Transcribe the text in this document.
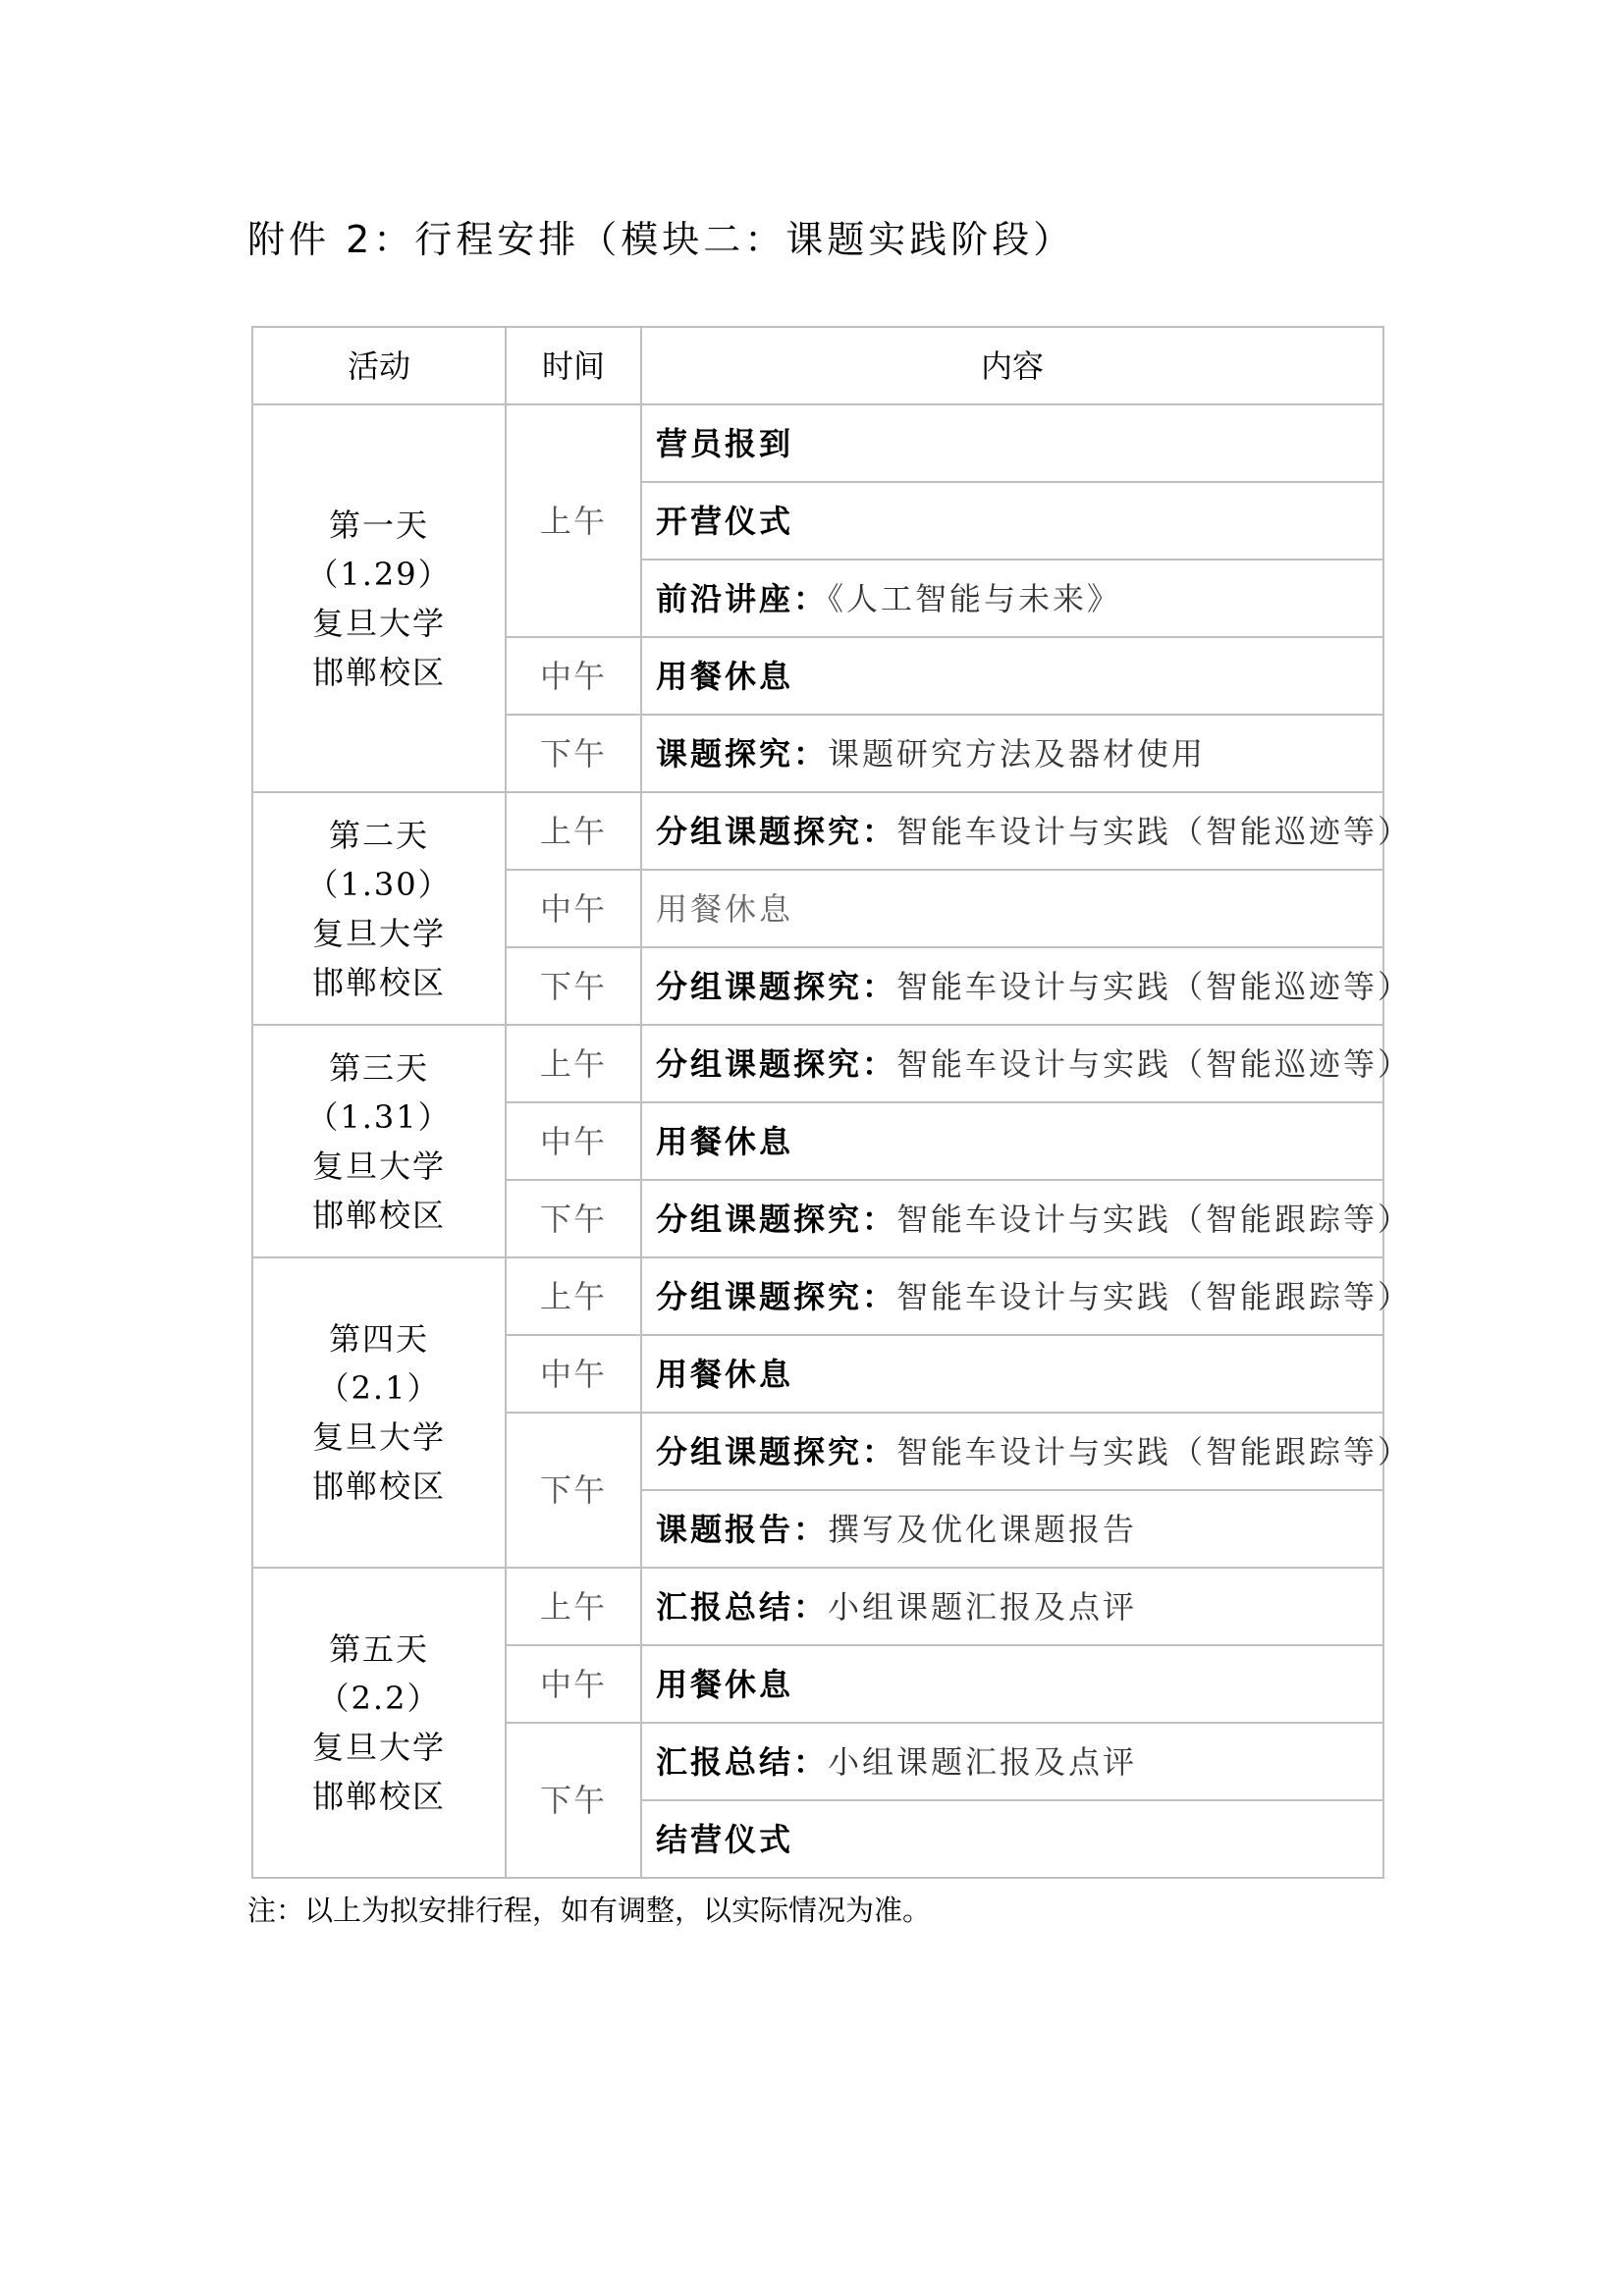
附件 2：行程安排（模块二：课题实践阶段）
活动	时间	内容

第一天
（1.29）
复旦大学
邯郸校区	上午	营员报到
		开营仪式
		前沿讲座：《人工智能与未来》
	中午	用餐休息
	下午	课题探究：课题研究方法及器材使用

第二天
（1.30）
复旦大学
邯郸校区	上午	分组课题探究：智能车设计与实践（智能巡迹等）
	中午	用餐休息
	下午	分组课题探究：智能车设计与实践（智能巡迹等）

第三天
（1.31）
复旦大学
邯郸校区	上午	分组课题探究：智能车设计与实践（智能巡迹等）
	中午	用餐休息
	下午	分组课题探究：智能车设计与实践（智能跟踪等）

第四天
（2.1）
复旦大学
邯郸校区	上午	分组课题探究：智能车设计与实践（智能跟踪等）
	中午	用餐休息
	下午	分组课题探究：智能车设计与实践（智能跟踪等）
		课题报告：撰写及优化课题报告

第五天
（2.2）
复旦大学
邯郸校区	上午	汇报总结：小组课题汇报及点评
	中午	用餐休息
	下午	汇报总结：小组课题汇报及点评
		结营仪式
注：以上为拟安排行程，如有调整，以实际情况为准。
